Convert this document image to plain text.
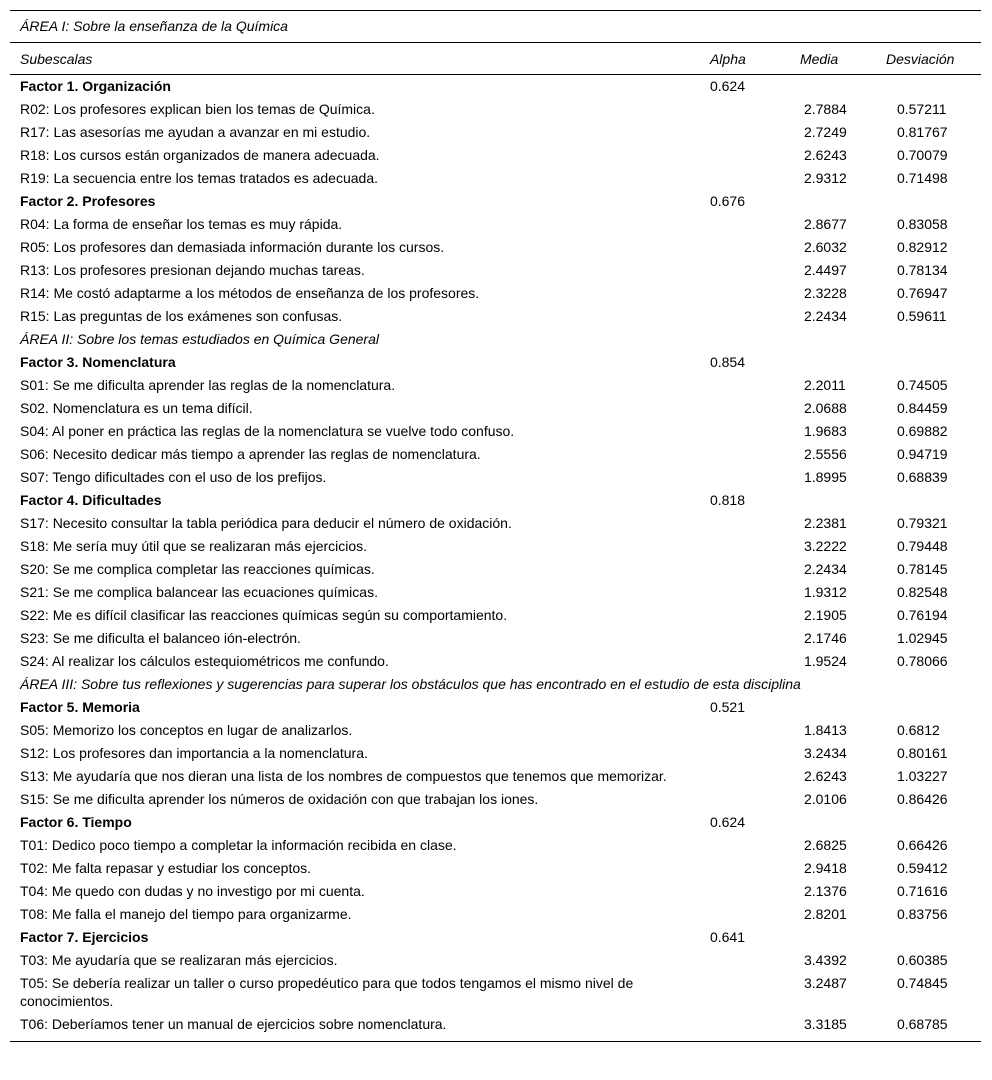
ÁREA I: Sobre la enseñanza de la Química			
Subescalas	Alpha	Media	Desviación
Factor 1. Organización	0.624		
R02: Los profesores explican bien los temas de Química.		2.7884	0.57211
R17: Las asesorías me ayudan a avanzar en mi estudio.		2.7249	0.81767
R18: Los cursos están organizados de manera adecuada.		2.6243	0.70079
R19: La secuencia entre los temas tratados es adecuada.		2.9312	0.71498
Factor 2. Profesores	0.676		
R04: La forma de enseñar los temas es muy rápida.		2.8677	0.83058
R05: Los profesores dan demasiada información durante los cursos.		2.6032	0.82912
R13: Los profesores presionan dejando muchas tareas.		2.4497	0.78134
R14: Me costó adaptarme a los métodos de enseñanza de los profesores.		2.3228	0.76947
R15: Las preguntas de los exámenes son confusas.		2.2434	0.59611
ÁREA II: Sobre los temas estudiados en Química General			
Factor 3. Nomenclatura	0.854		
S01: Se me dificulta aprender las reglas de la nomenclatura.		2.2011	0.74505
S02. Nomenclatura es un tema difícil.		2.0688	0.84459
S04: Al poner en práctica las reglas de la nomenclatura se vuelve todo confuso.		1.9683	0.69882
S06: Necesito dedicar más tiempo a aprender las reglas de nomenclatura.		2.5556	0.94719
S07: Tengo dificultades con el uso de los prefijos.		1.8995	0.68839
Factor 4. Dificultades	0.818		
S17: Necesito consultar la tabla periódica para deducir el número de oxidación.		2.2381	0.79321
S18: Me sería muy útil que se realizaran más ejercicios.		3.2222	0.79448
S20: Se me complica completar las reacciones químicas.		2.2434	0.78145
S21: Se me complica balancear las ecuaciones químicas.		1.9312	0.82548
S22: Me es difícil clasificar las reacciones químicas según su comportamiento.		2.1905	0.76194
S23: Se me dificulta el balanceo ión-electrón.		2.1746	1.02945
S24: Al realizar los cálculos estequiométricos me confundo.		1.9524	0.78066
ÁREA III: Sobre tus reflexiones y sugerencias para superar los obstáculos que has encontrado en el estudio de esta disciplina			
Factor 5. Memoria	0.521		
S05: Memorizo los conceptos en lugar de analizarlos.		1.8413	0.6812
S12: Los profesores dan importancia a la nomenclatura.		3.2434	0.80161
S13: Me ayudaría que nos dieran una lista de los nombres de compuestos que tenemos que memorizar.		2.6243	1.03227
S15: Se me dificulta aprender los números de oxidación con que trabajan los iones.		2.0106	0.86426
Factor 6. Tiempo	0.624		
T01: Dedico poco tiempo a completar la información recibida en clase.		2.6825	0.66426
T02: Me falta repasar y estudiar los conceptos.		2.9418	0.59412
T04: Me quedo con dudas y no investigo por mi cuenta.		2.1376	0.71616
T08: Me falla el manejo del tiempo para organizarme.		2.8201	0.83756
Factor 7. Ejercicios	0.641		
T03: Me ayudaría que se realizaran más ejercicios.		3.4392	0.60385
T05: Se debería realizar un taller o curso propedéutico para que todos tengamos el mismo nivel de conocimientos.		3.2487	0.74845
T06: Deberíamos tener un manual de ejercicios sobre nomenclatura.		3.3185	0.68785
